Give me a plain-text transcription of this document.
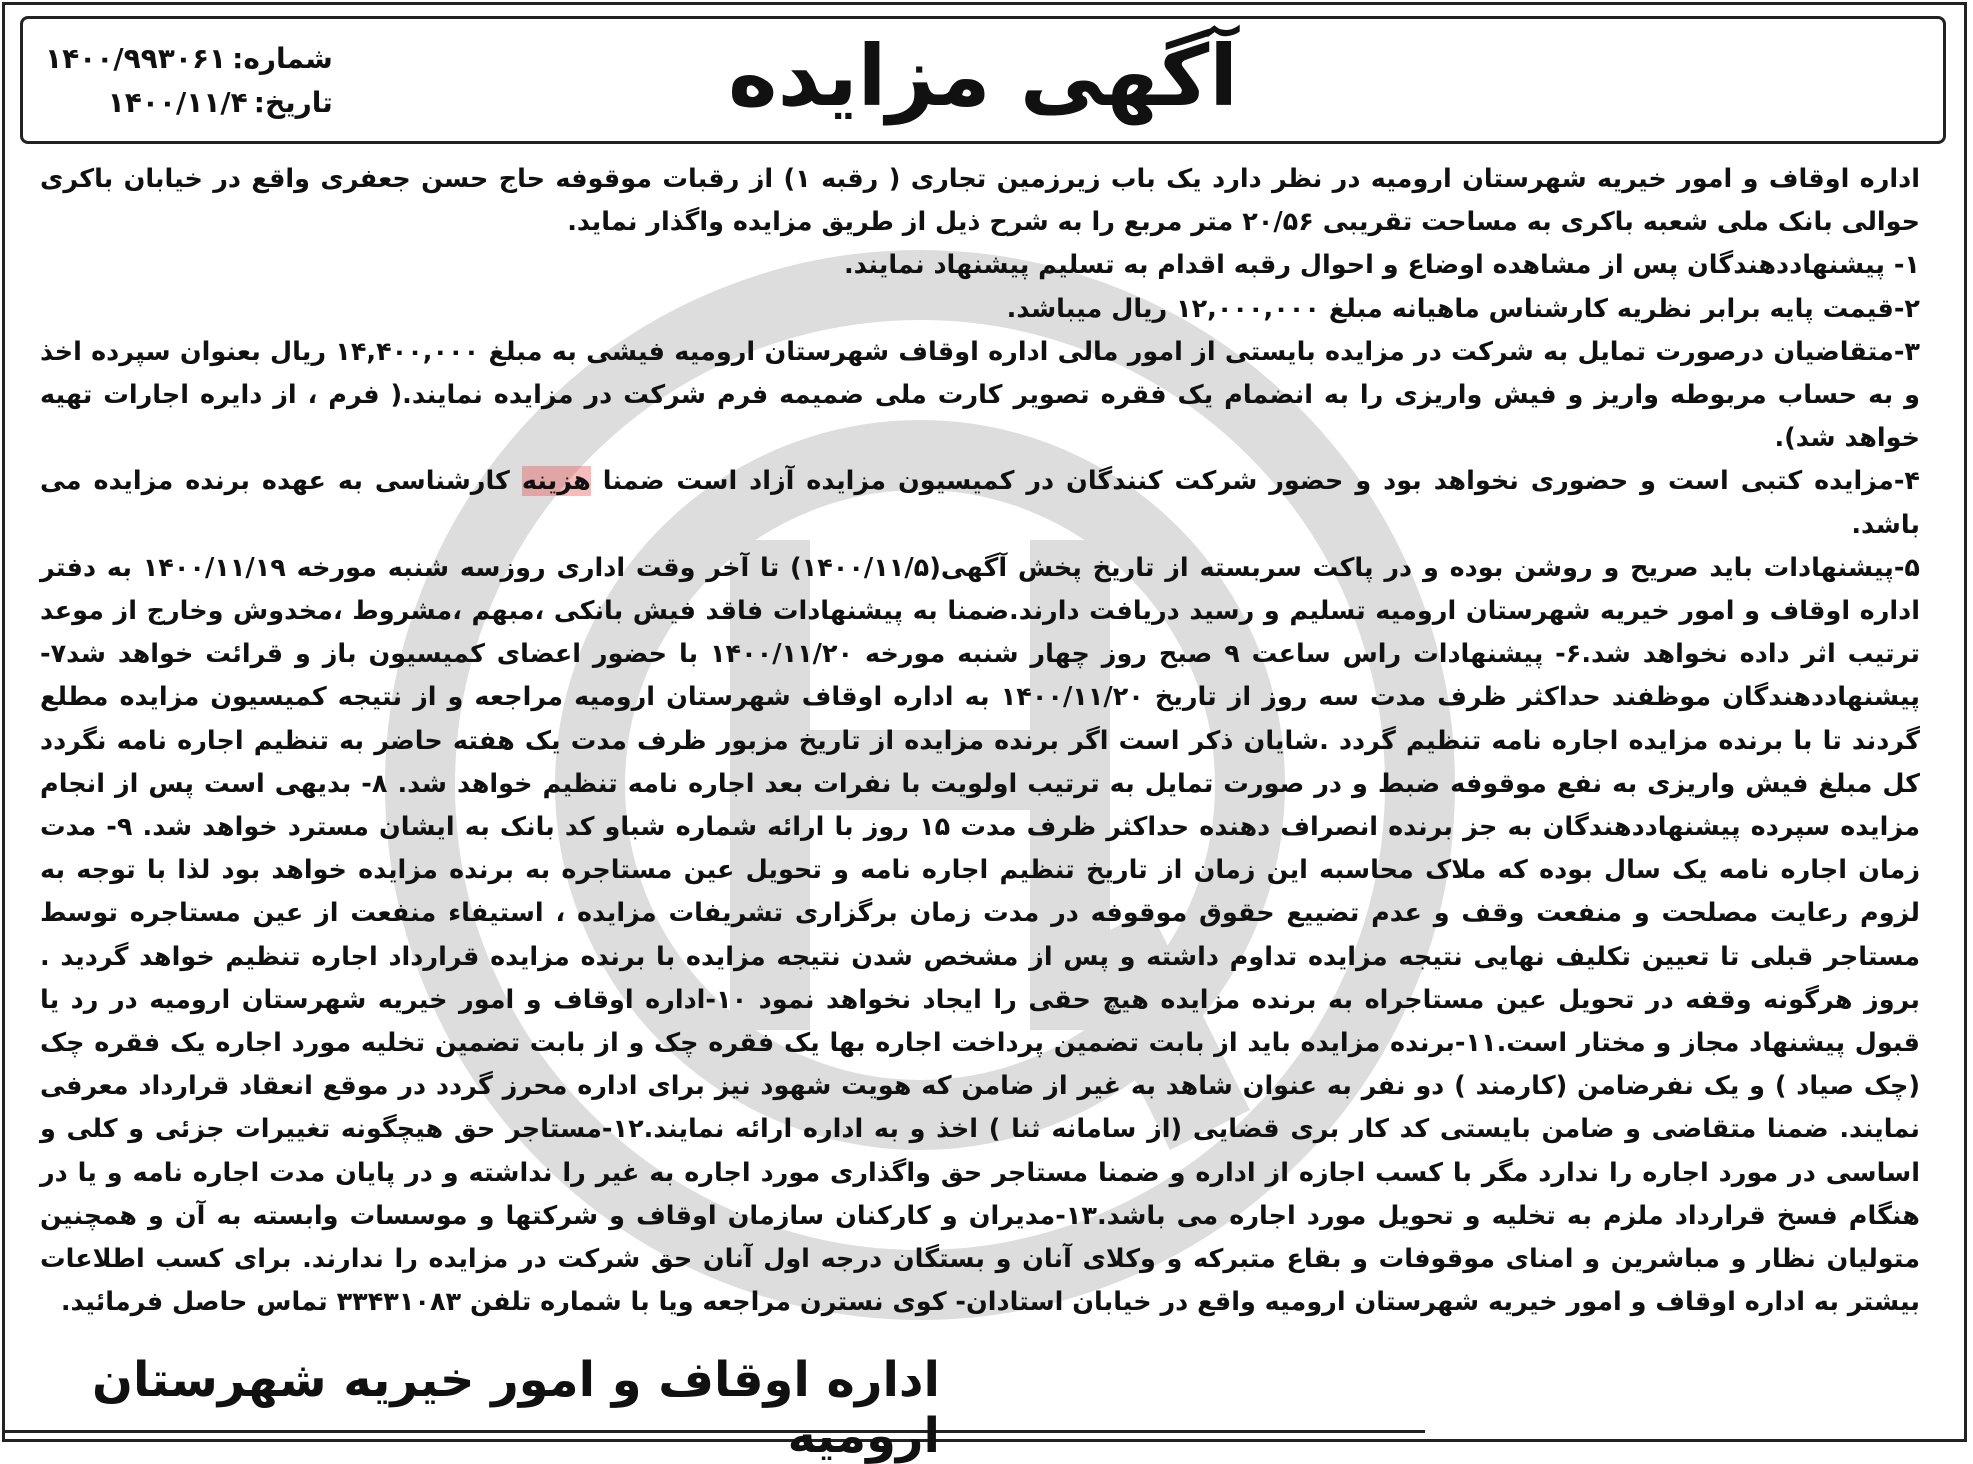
آگهی مزایده
شماره:
۱۴۰۰/۹۹۳۰۶۱
تاریخ:
۱۴۰۰/۱۱/۴

اداره اوقاف و امور خیریه شهرستان ارومیه در نظر دارد یک باب زیرزمین تجاری ( رقبه ۱) از رقبات موقوفه حاج حسن جعفری واقع در خیابان باکری حوالی بانک ملی شعبه باکری به مساحت تقریبی ۲۰/۵۶ متر مربع را به شرح ذیل از طریق مزایده واگذار نماید.

۱- پیشنهاددهندگان پس از مشاهده اوضاع و احوال رقبه اقدام به تسلیم پیشنهاد نمایند.

۲-قیمت پایه برابر نظریه کارشناس ماهیانه مبلغ ۱۲,۰۰۰,۰۰۰ ریال میباشد.

۳-متقاضیان درصورت تمایل به شرکت در مزایده بایستی از امور مالی اداره اوقاف شهرستان ارومیه فیشی به مبلغ ۱۴,۴۰۰,۰۰۰ ریال بعنوان سپرده اخذ و به حساب مربوطه واریز و فیش واریزی را به انضمام یک فقره تصویر کارت ملی ضمیمه فرم شرکت در مزایده نمایند.( فرم ، از دایره اجارات تهیه خواهد شد).

۴-مزایده کتبی است و حضوری نخواهد بود و حضور شرکت کنندگان در کمیسیون مزایده آزاد است ضمنا هزینه کارشناسی به عهده برنده مزایده می باشد.

۵-پیشنهادات باید صریح و روشن بوده و در پاکت سربسته از تاریخ پخش آگهی(۱۴۰۰/۱۱/۵) تا آخر وقت اداری روزسه شنبه مورخه ۱۴۰۰/۱۱/۱۹ به دفتر اداره اوقاف و امور خیریه شهرستان ارومیه تسلیم و رسید دریافت دارند.ضمنا به پیشنهادات فاقد فیش بانکی ،مبهم ،مشروط ،مخدوش وخارج از موعد ترتیب اثر داده نخواهد شد.۶- پیشنهادات راس ساعت ۹ صبح روز چهار شنبه مورخه ۱۴۰۰/۱۱/۲۰ با حضور اعضای کمیسیون باز و قرائت خواهد شد۷-پیشنهاددهندگان موظفند حداکثر ظرف مدت سه روز از تاریخ ۱۴۰۰/۱۱/۲۰ به اداره اوقاف شهرستان ارومیه مراجعه و از نتیجه کمیسیون مزایده مطلع گردند تا با برنده مزایده اجاره نامه تنظیم گردد .شایان ذکر است اگر برنده مزایده از تاریخ مزبور ظرف مدت یک هفته حاضر به تنظیم اجاره نامه نگردد کل مبلغ فیش واریزی به نفع موقوفه ضبط و در صورت تمایل به ترتیب اولویت با نفرات بعد اجاره نامه تنظیم خواهد شد. ۸- بدیهی است پس از انجام مزایده سپرده پیشنهاددهندگان به جز برنده انصراف دهنده حداکثر ظرف مدت ۱۵ روز با ارائه شماره شباو کد بانک به ایشان مسترد خواهد شد. ۹- مدت زمان اجاره نامه یک سال بوده که ملاک محاسبه این زمان از تاریخ تنظیم اجاره نامه و تحویل عین مستاجره به برنده مزایده خواهد بود لذا با توجه به لزوم رعایت مصلحت و منفعت وقف و عدم تضییع حقوق موقوفه در مدت زمان برگزاری تشریفات مزایده ، استیفاء منفعت از عین مستاجره توسط مستاجر قبلی تا تعیین تکلیف نهایی نتیجه مزایده تداوم داشته و پس از مشخص شدن نتیجه مزایده با برنده مزایده قرارداد اجاره تنظیم خواهد گردید . بروز هرگونه وقفه در تحویل عین مستاجراه به برنده مزایده هیچ حقی را ایجاد نخواهد نمود ۱۰-اداره اوقاف و امور خیریه شهرستان ارومیه در رد یا قبول پیشنهاد مجاز و مختار است.۱۱-برنده مزایده باید از بابت تضمین پرداخت اجاره بها یک فقره چک و از بابت تضمین تخلیه مورد اجاره یک فقره چک (چک صیاد ) و یک نفرضامن (کارمند ) دو نفر به عنوان شاهد به غیر از ضامن که هویت شهود نیز برای اداره محرز گردد در موقع انعقاد قرارداد معرفی نمایند. ضمنا متقاضی و ضامن بایستی کد کار بری قضایی (از سامانه ثنا ) اخذ و به اداره ارائه نمایند.۱۲-مستاجر حق هیچگونه تغییرات جزئی و کلی و اساسی در مورد اجاره را ندارد مگر با کسب اجازه از اداره و ضمنا مستاجر حق واگذاری مورد اجاره به غیر را نداشته و در پایان مدت اجاره نامه و یا در هنگام فسخ قرارداد ملزم به تخلیه و تحویل مورد اجاره می باشد.۱۳-مدیران و کارکنان سازمان اوقاف و شرکتها و موسسات وابسته به آن و همچنین متولیان نظار و مباشرین و امنای موقوفات و بقاع متبرکه و وکلای آنان و بستگان درجه اول آنان حق شرکت در مزایده را ندارند. برای کسب اطلاعات بیشتر به اداره اوقاف و امور خیریه شهرستان ارومیه واقع در خیابان استادان- کوی نسترن مراجعه ویا با شماره تلفن ۳۳۴۳۱۰۸۳ تماس حاصل فرمائید.

اداره اوقاف و امور خیریه شهرستان ارومیه
